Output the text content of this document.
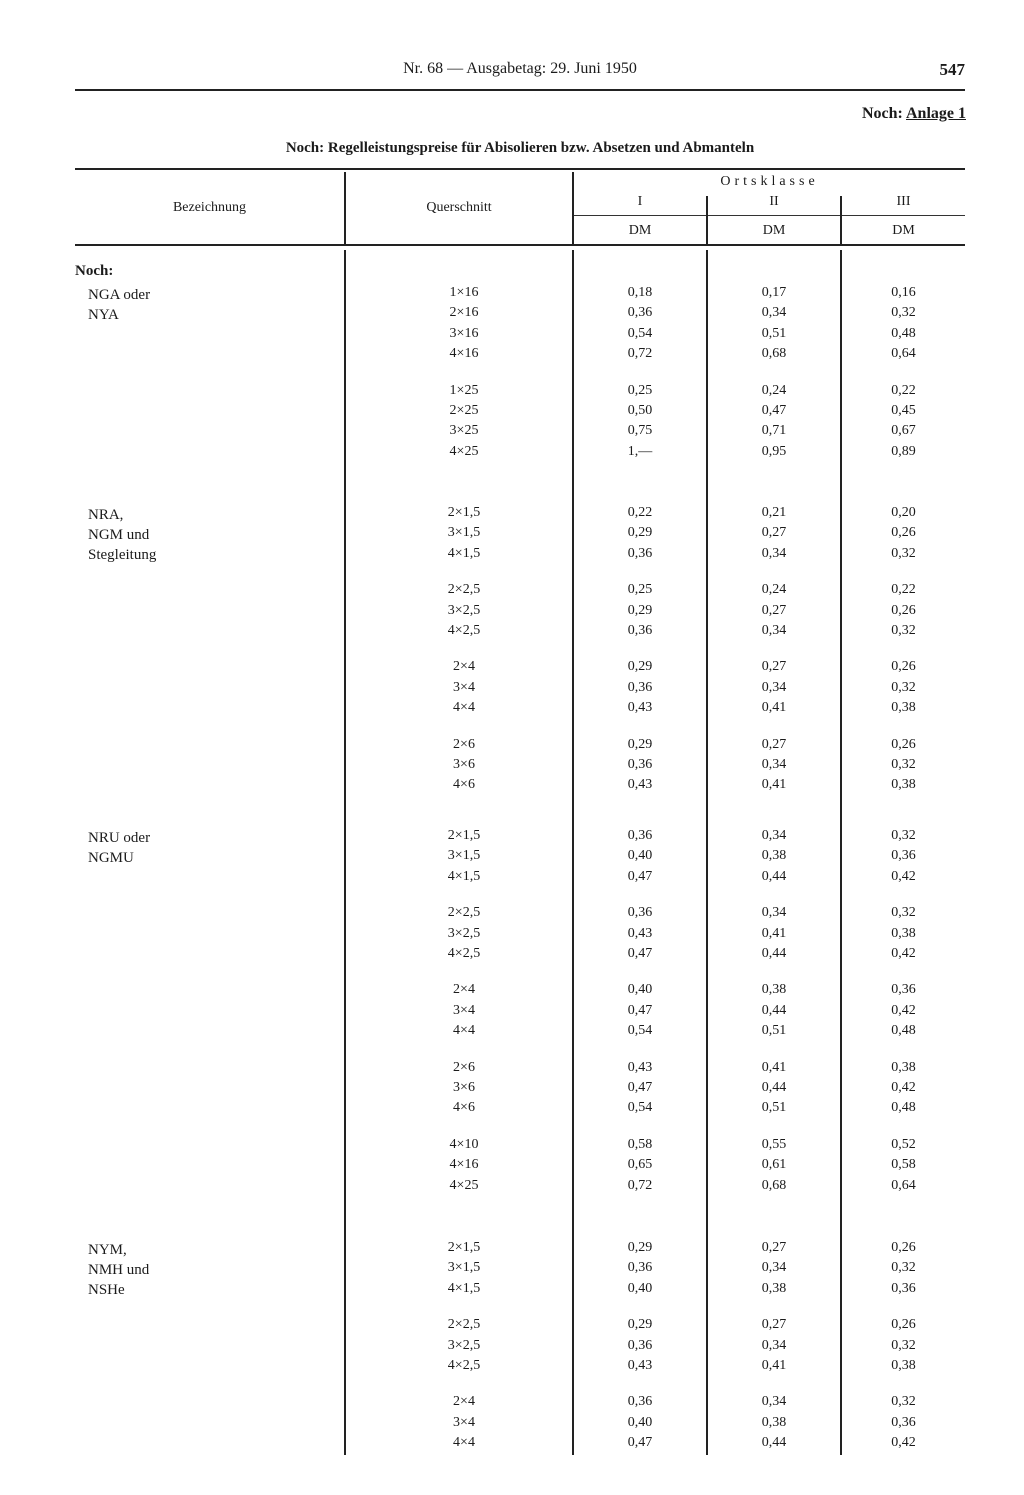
Nr. 68 — Ausgabetag: 29. Juni 1950	547
Noch: Anlage 1
Noch: Regelleistungspreise für Abisolieren bzw. Absetzen und Abmanteln
Bezeichnung	Querschnitt
Ortsklasse
I	II	III
DM	DM	DM
Noch:
NGA oder
NYA
1×16	0,18	0,17	0,16
2×16	0,36	0,34	0,32
3×16	0,54	0,51	0,48
4×16	0,72	0,68	0,64
1×25	0,25	0,24	0,22
2×25	0,50	0,47	0,45
3×25	0,75	0,71	0,67
4×25	1,—	0,95	0,89
NRA,
NGM und
Stegleitung
2×1,5	0,22	0,21	0,20
3×1,5	0,29	0,27	0,26
4×1,5	0,36	0,34	0,32
2×2,5	0,25	0,24	0,22
3×2,5	0,29	0,27	0,26
4×2,5	0,36	0,34	0,32
2×4	0,29	0,27	0,26
3×4	0,36	0,34	0,32
4×4	0,43	0,41	0,38
2×6	0,29	0,27	0,26
3×6	0,36	0,34	0,32
4×6	0,43	0,41	0,38
NRU oder
NGMU
2×1,5	0,36	0,34	0,32
3×1,5	0,40	0,38	0,36
4×1,5	0,47	0,44	0,42
2×2,5	0,36	0,34	0,32
3×2,5	0,43	0,41	0,38
4×2,5	0,47	0,44	0,42
2×4	0,40	0,38	0,36
3×4	0,47	0,44	0,42
4×4	0,54	0,51	0,48
2×6	0,43	0,41	0,38
3×6	0,47	0,44	0,42
4×6	0,54	0,51	0,48
4×10	0,58	0,55	0,52
4×16	0,65	0,61	0,58
4×25	0,72	0,68	0,64
NYM,
NMH und
NSHe
2×1,5	0,29	0,27	0,26
3×1,5	0,36	0,34	0,32
4×1,5	0,40	0,38	0,36
2×2,5	0,29	0,27	0,26
3×2,5	0,36	0,34	0,32
4×2,5	0,43	0,41	0,38
2×4	0,36	0,34	0,32
3×4	0,40	0,38	0,36
4×4	0,47	0,44	0,42
